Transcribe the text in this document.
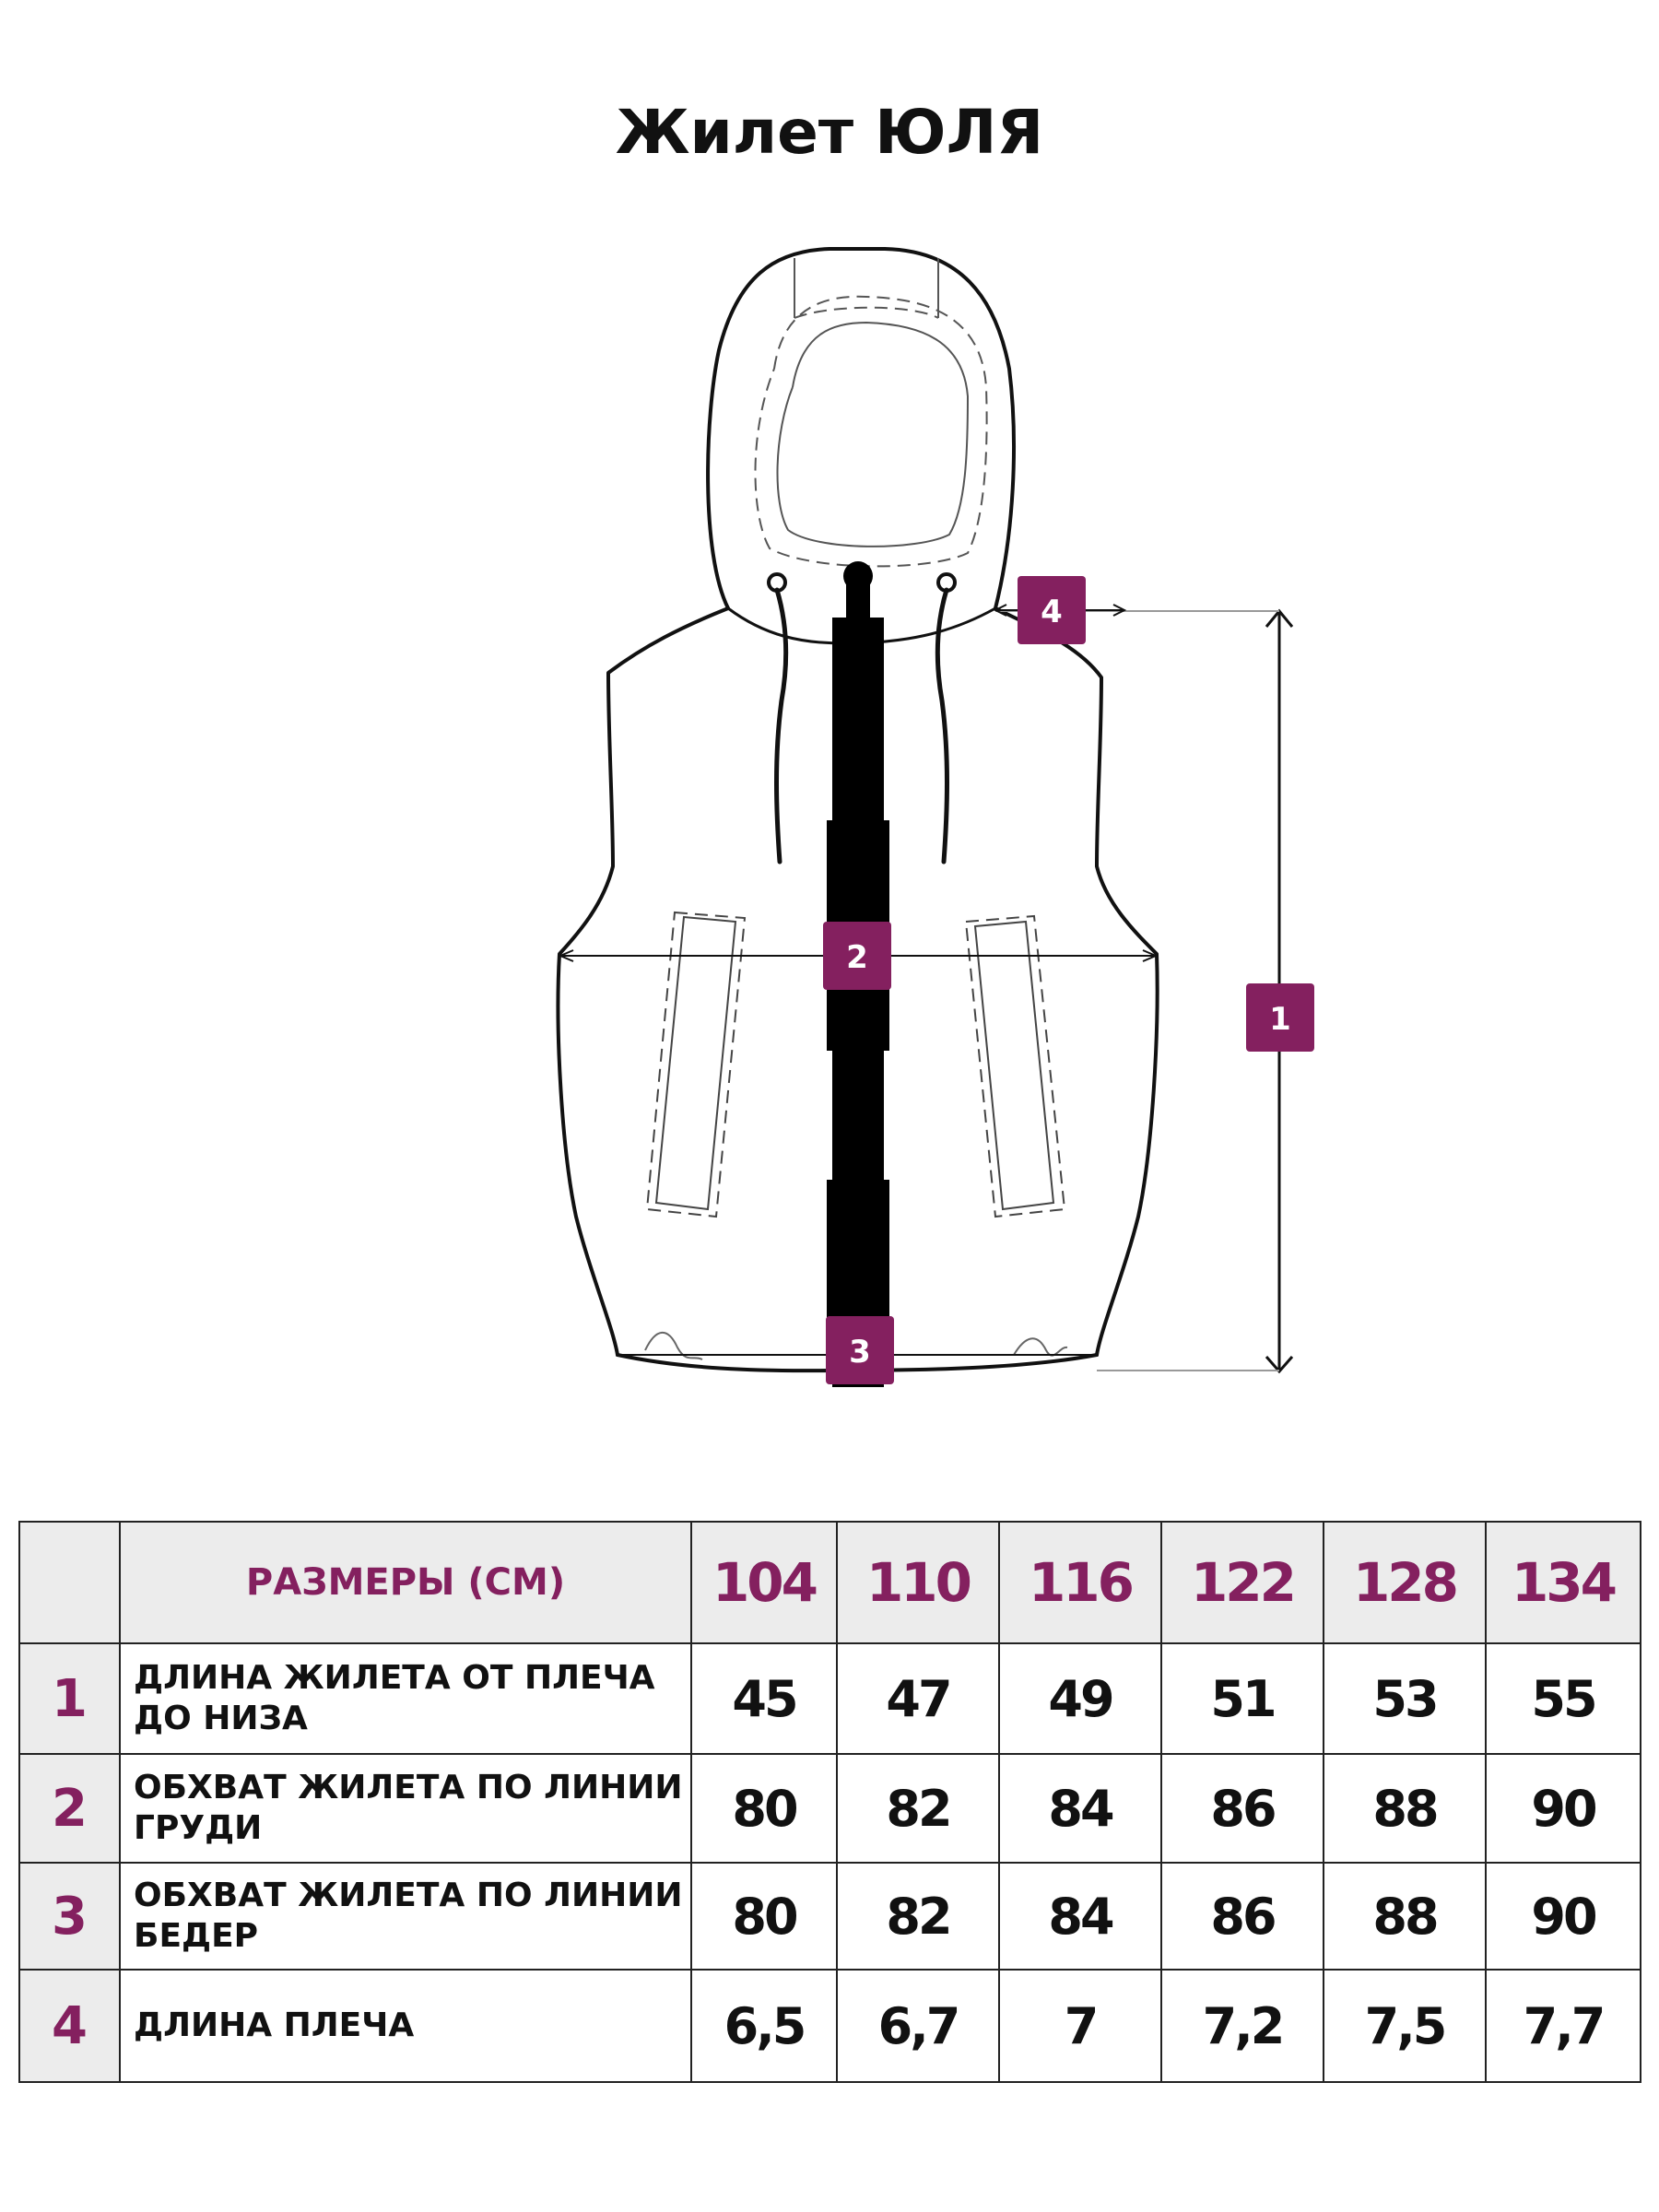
Жилет ЮЛЯ
1
2
3
4
	РАЗМЕРЫ (СМ)	104	110	116	122	128	134
1	ДЛИНА ЖИЛЕТА ОТ ПЛЕЧА ДО НИЗА	45	47	49	51	53	55
2	ОБХВАТ ЖИЛЕТА ПО ЛИНИИ ГРУДИ	80	82	84	86	88	90
3	ОБХВАТ ЖИЛЕТА ПО ЛИНИИ БЕДЕР	80	82	84	86	88	90
4	ДЛИНА ПЛЕЧА	6,5	6,7	7	7,2	7,5	7,7
